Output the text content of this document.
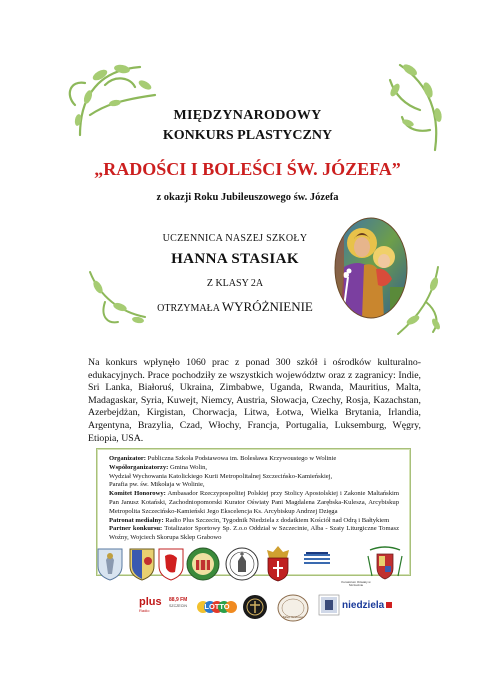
MIĘDZYNARODOWY
KONKURS PLASTYCZNY
„RADOŚCI I BOLEŚCI ŚW. JÓZEFA”
z okazji Roku Jubileuszowego św. Józefa
UCZENNICA NASZEJ SZKOŁY
HANNA STASIAK
Z KLASY 2A
OTRZYMAŁA WYRÓŻNIENIE
Na konkurs wpłynęło 1060 prac z ponad 300 szkół i ośrodków kulturalno-edukacyjnych. Prace pochodziły ze wszystkich województw oraz z zagranicy: Indie, Sri Lanka, Białoruś, Ukraina, Zimbabwe, Uganda, Rwanda, Mauritius, Malta, Madagaskar, Syria, Kuwejt, Niemcy, Austria, Słowacja, Czechy, Rosja, Kazachstan, Azerbejdżan, Kirgistan, Chorwacja, Litwa, Łotwa, Wielka Brytania, Irlandia, Argentyna, Brazylia, Czad, Włochy, Francja, Portugalia, Luksemburg, Węgry, Etiopia, USA.
Organizator: Publiczna Szkoła Podstawowa im. Bolesława Krzywoustego w Wolinie
Współorganizatorzy: Gmina Wolin,
Wydział Wychowania Katolickiego Kurii Metropolitalnej Szczecińsko-Kamieńskiej,
Parafia pw. św. Mikołaja w Wolinie,
Komitet Honorowy: Ambasador Rzeczypospolitej Polskiej przy Stolicy Apostolskiej i Zakonie Maltańskim Pan Janusz Kotański, Zachodniopomorski Kurator Oświaty Pani Magdalena Zarębska-Kulesza, Arcybiskup Metropolita Szczecińsko-Kamieński Jego Ekscelencja Ks. Arcybiskup Andrzej Dzięga
Patronat medialny: Radio Plus Szczecin, Tygodnik Niedziela z dodatkiem Kościół nad Odrą i Bałtykiem
Partner konkursu: Totalizator Sportowy Sp. Z.o.o Oddział w Szczecinie, Alba - Szaty Liturgiczne Tomasz Woźny, Wojciech Skorupa Sklep Grabowo
Kuratorium Oświaty w Szczecinie
plus
Radio
88,9 FM
SZCZECIN	LOTTO
Sklep Grabowo
niedziela
